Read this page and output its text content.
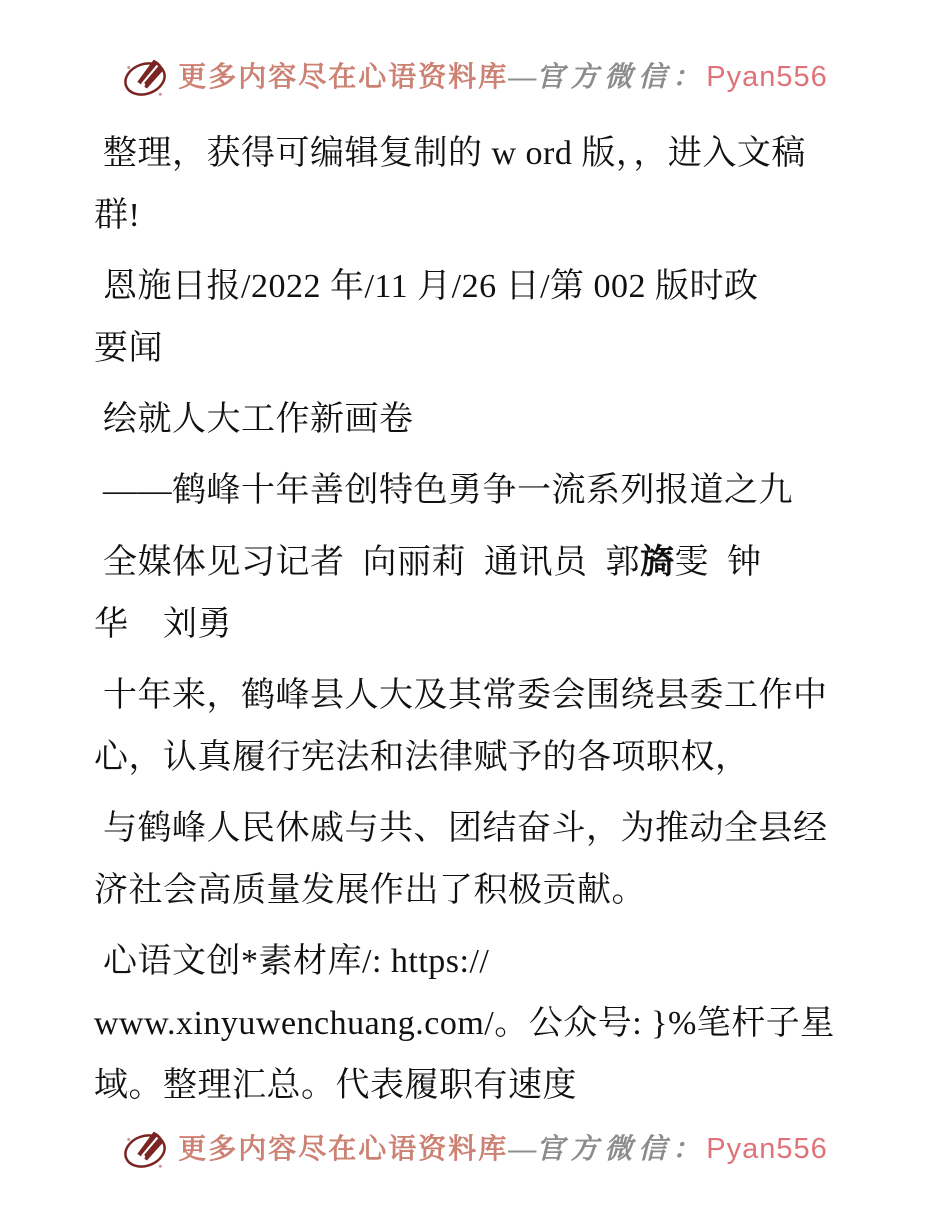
更多内容尽在心语资料库—官方微信：Pyan556

整理，获得可编辑复制的 w ord 版，，进入文稿
群!

恩施日报/2022 年/11 月/26 日/第 002 版时政
要闻

绘就人大工作新画卷

——鹤峰十年善创特色勇争一流系列报道之九

全媒体见习记者  向丽莉  通讯员  郭旖雯  钟
华　刘勇

十年来，鹤峰县人大及其常委会围绕县委工作中
心，认真履行宪法和法律赋予的各项职权，

与鹤峰人民休戚与共、团结奋斗，为推动全县经
济社会高质量发展作出了积极贡献。

心语文创*素材库/: https://
www.xinyuwenchuang.com/。公众号: }%笔杆子星
域。整理汇总。代表履职有速度

更多内容尽在心语资料库—官方微信：Pyan556
